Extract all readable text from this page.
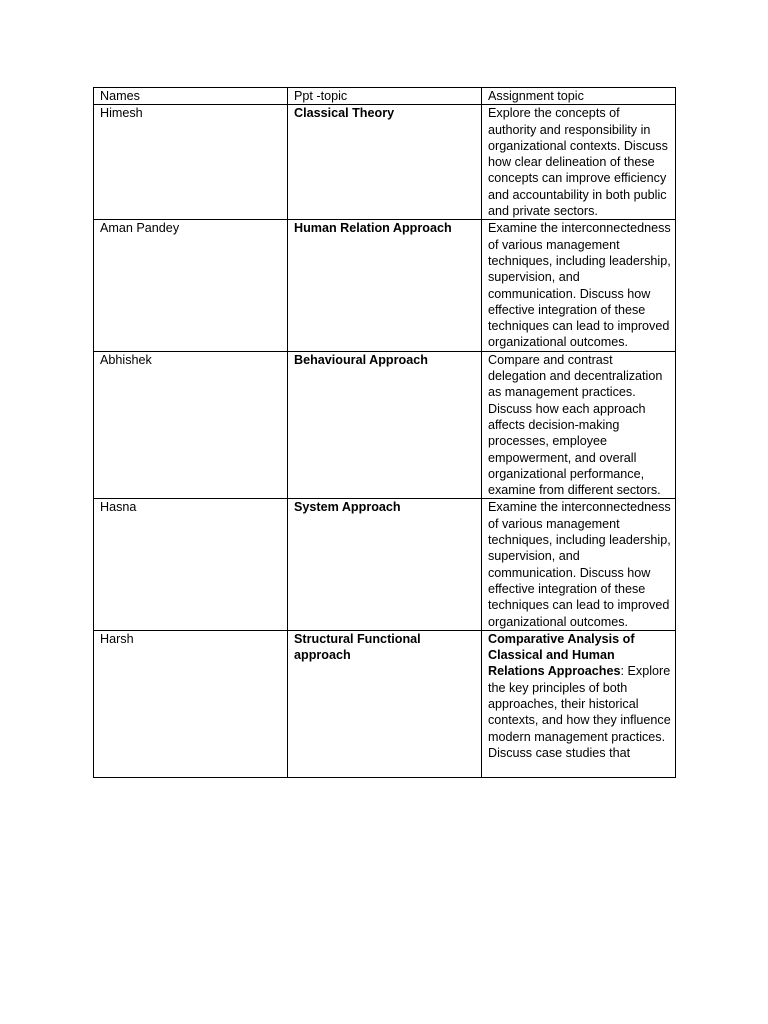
Names	Ppt -topic	Assignment topic

Himesh	Classical Theory	Explore the concepts of authority and responsibility in organizational contexts. Discuss how clear delineation of these concepts can improve efficiency and accountability in both public and private sectors.

Aman Pandey	Human Relation Approach	Examine the interconnectedness of various management techniques, including leadership, supervision, and communication. Discuss how effective integration of these techniques can lead to improved organizational outcomes.

Abhishek	Behavioural Approach	Compare and contrast delegation and decentralization as management practices. Discuss how each approach affects decision-making processes, employee empowerment, and overall organizational performance, examine from different sectors.

Hasna	System Approach	Examine the interconnectedness of various management techniques, including leadership, supervision, and communication. Discuss how effective integration of these techniques can lead to improved organizational outcomes.

Harsh	Structural Functional approach	Comparative Analysis of Classical and Human Relations Approaches: Explore the key principles of both approaches, their historical contexts, and how they influence modern management practices. Discuss case studies that
